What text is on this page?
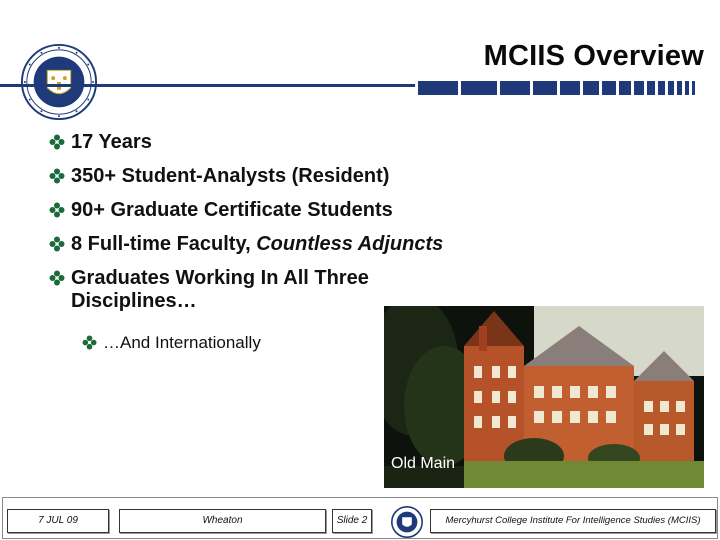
MCIIS Overview
17 Years
350+ Student-Analysts (Resident)
90+ Graduate Certificate Students
8 Full-time Faculty, Countless Adjuncts
Graduates Working In All Three Disciplines…
…And Internationally
Old Main
7 JUL 09	Wheaton	Slide 2	Mercyhurst College Institute For Intelligence Studies (MCIIS)
